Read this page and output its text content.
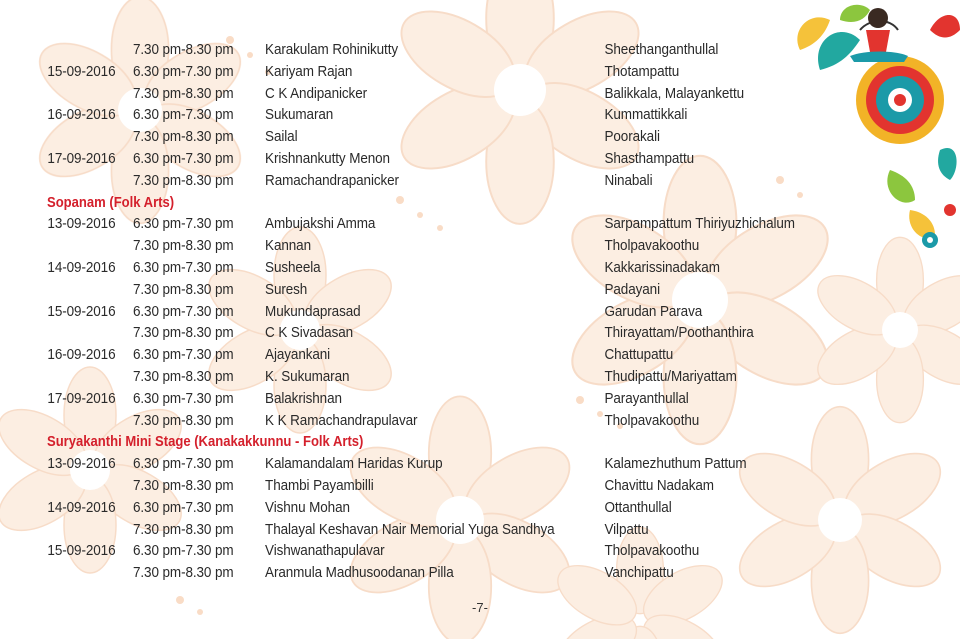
7.30 pm-8.30 pm Karakulam Rohinikutty	Sheethanganthullal
15-09-2016 6.30 pm-7.30 pm Kariyam Rajan	Thotampattu
7.30 pm-8.30 pm C K Andipanicker	Balikkala, Malayankettu
16-09-2016 6.30 pm-7.30 pm Sukumaran	Kummattikkali
7.30 pm-8.30 pm Sailal	Poorakali
17-09-2016 6.30 pm-7.30 pm Krishnankutty Menon	Shasthampattu
7.30 pm-8.30 pm Ramachandrapanicker	Ninabali
Sopanam (Folk Arts)
13-09-2016 6.30 pm-7.30 pm Ambujakshi Amma	Sarpampattum Thiriyuzhichalum
7.30 pm-8.30 pm Kannan	Tholpavakoothu
14-09-2016 6.30 pm-7.30 pm Susheela	Kakkarissinadakam
7.30 pm-8.30 pm Suresh	Padayani
15-09-2016 6.30 pm-7.30 pm Mukundaprasad	Garudan Parava
7.30 pm-8.30 pm C K Sivadasan	Thirayattam/Poothanthira
16-09-2016 6.30 pm-7.30 pm Ajayankani	Chattupattu
7.30 pm-8.30 pm K. Sukumaran	Thudipattu/Mariyattam
17-09-2016 6.30 pm-7.30 pm Balakrishnan	Parayanthullal
7.30 pm-8.30 pm K K Ramachandrapulavar	Tholpavakoothu
Suryakanthi Mini Stage (Kanakakkunnu - Folk Arts)
13-09-2016 6.30 pm-7.30 pm Kalamandalam Haridas Kurup	Kalamezhuthum Pattum
7.30 pm-8.30 pm Thambi Payambilli	Chavittu Nadakam
14-09-2016 6.30 pm-7.30 pm Vishnu Mohan	Ottanthullal
7.30 pm-8.30 pm Thalayal Keshavan Nair Memorial Yuga Sandhya	Vilpattu
15-09-2016 6.30 pm-7.30 pm Vishwanathapulavar	Tholpavakoothu
7.30 pm-8.30 pm Aranmula Madhusoodanan Pilla	Vanchipattu
-7-
